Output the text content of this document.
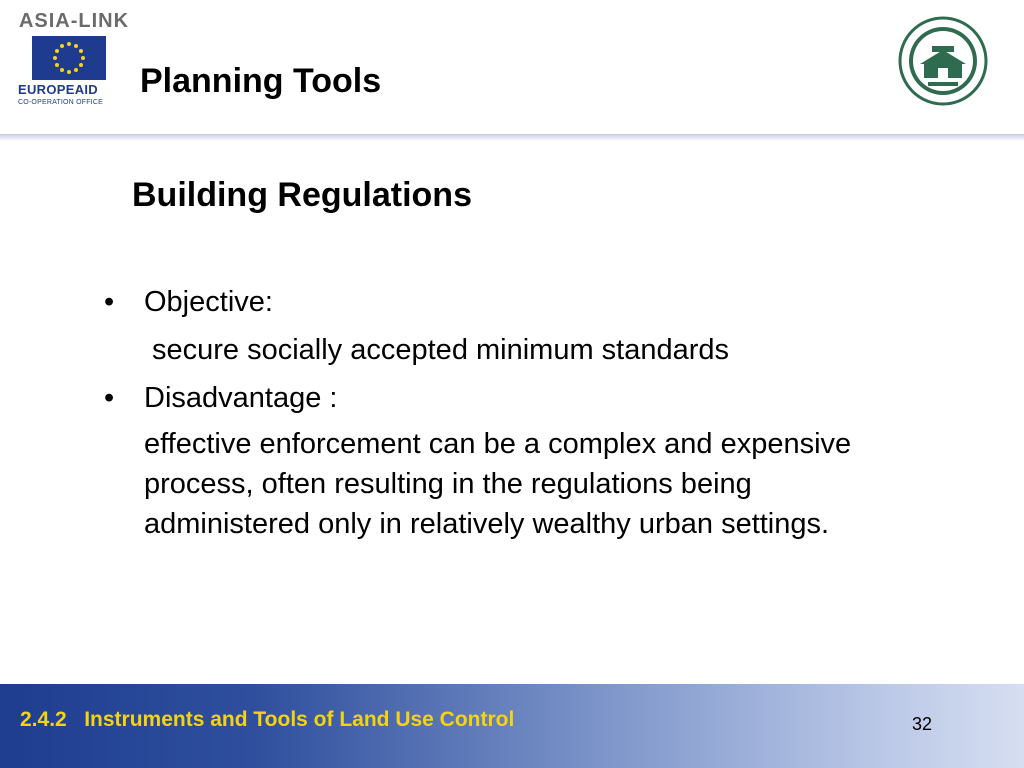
ASIA-LINK
EUROPEAID
CO-OPERATION OFFICE
Planning Tools
Building Regulations

• Objective:

secure socially accepted minimum standards

• Disadvantage :

effective enforcement can be a complex and expensive process, often resulting in the regulations being administered only in relatively wealthy urban settings.

2.4.2   Instruments and Tools of Land Use Control	32
